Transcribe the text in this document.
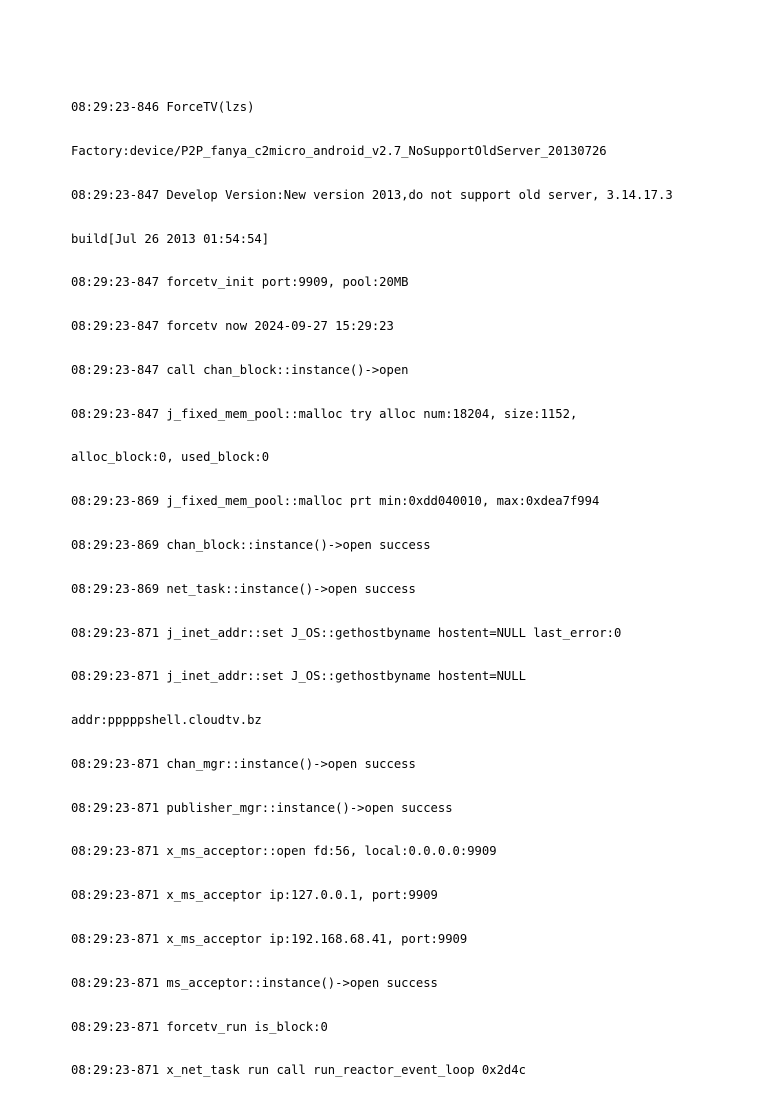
08:29:23-846 ForceTV(lzs)

Factory:device/P2P_fanya_c2micro_android_v2.7_NoSupportOldServer_20130726

08:29:23-847 Develop Version:New version 2013,do not support old server, 3.14.17.3

build[Jul 26 2013 01:54:54]

08:29:23-847 forcetv_init port:9909, pool:20MB

08:29:23-847 forcetv now 2024-09-27 15:29:23

08:29:23-847 call chan_block::instance()->open

08:29:23-847 j_fixed_mem_pool::malloc try alloc num:18204, size:1152,

alloc_block:0, used_block:0

08:29:23-869 j_fixed_mem_pool::malloc prt min:0xdd040010, max:0xdea7f994

08:29:23-869 chan_block::instance()->open success

08:29:23-869 net_task::instance()->open success

08:29:23-871 j_inet_addr::set J_OS::gethostbyname hostent=NULL last_error:0

08:29:23-871 j_inet_addr::set J_OS::gethostbyname hostent=NULL

addr:pppppshell.cloudtv.bz

08:29:23-871 chan_mgr::instance()->open success

08:29:23-871 publisher_mgr::instance()->open success

08:29:23-871 x_ms_acceptor::open fd:56, local:0.0.0.0:9909

08:29:23-871 x_ms_acceptor ip:127.0.0.1, port:9909

08:29:23-871 x_ms_acceptor ip:192.168.68.41, port:9909

08:29:23-871 ms_acceptor::instance()->open success

08:29:23-871 forcetv_run is_block:0

08:29:23-871 x_net_task run call run_reactor_event_loop 0x2d4c
